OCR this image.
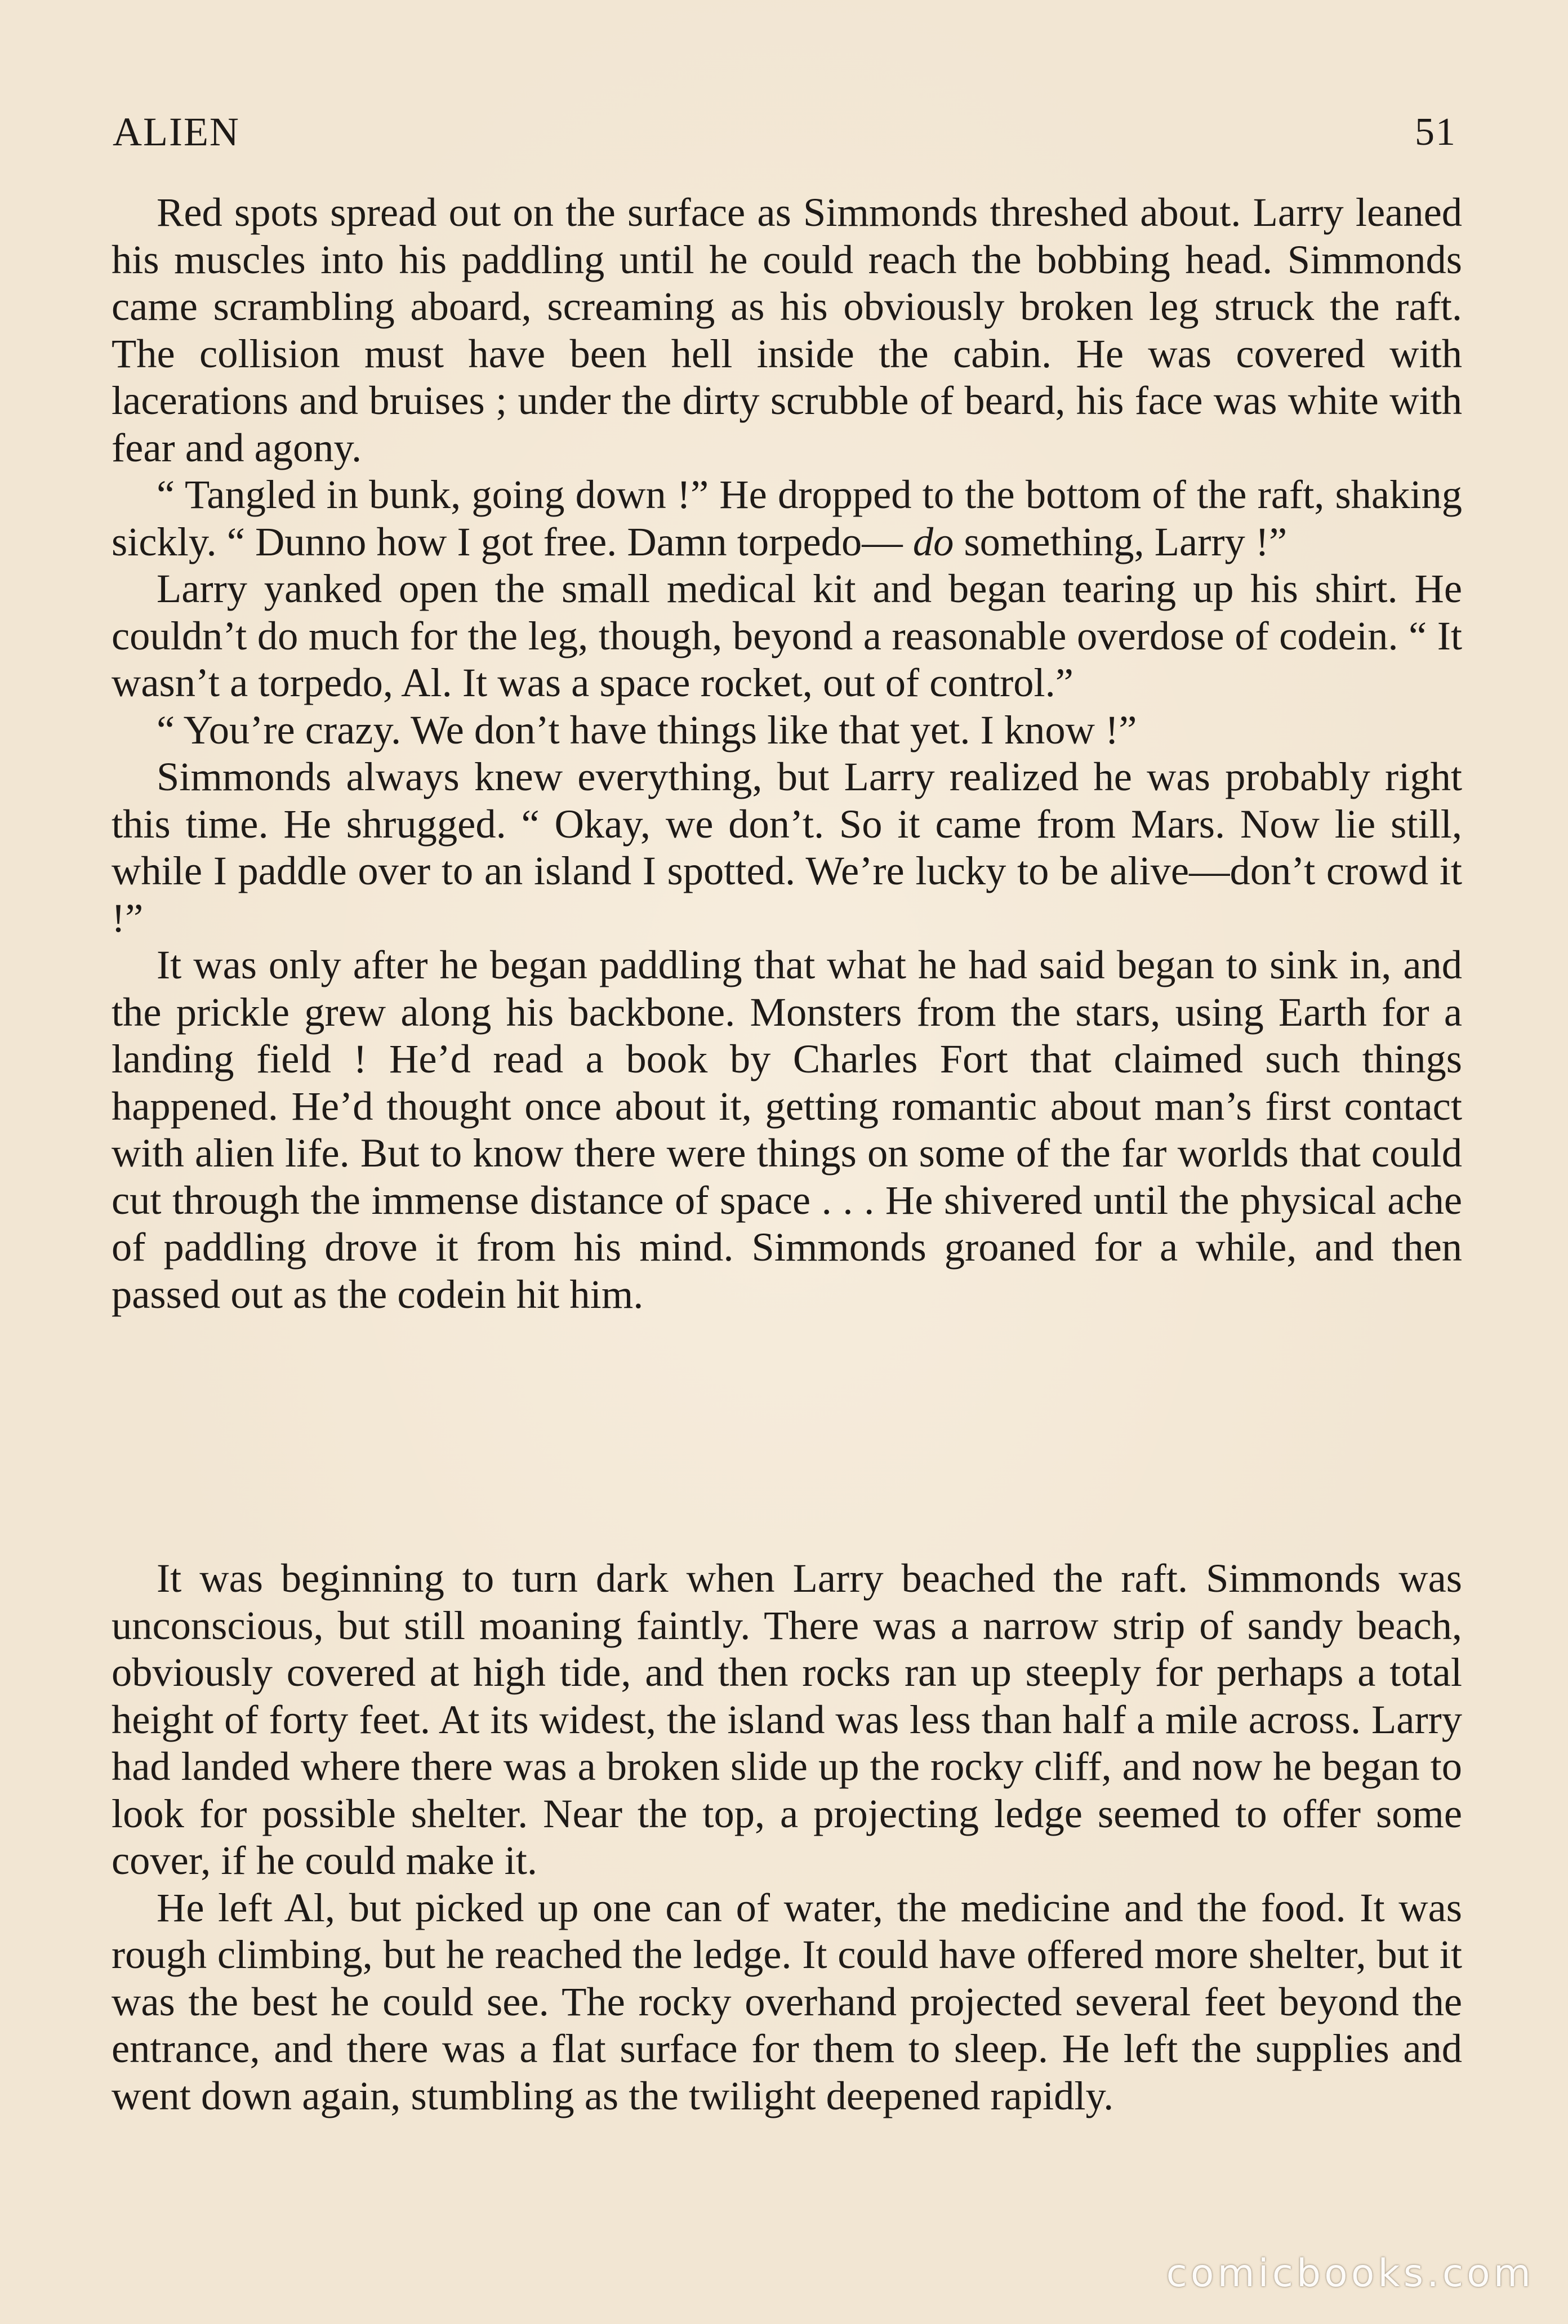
ALIEN	51

Red spots spread out on the surface as Simmonds threshed about. Larry leaned his muscles into his paddling until he could reach the bobbing head. Simmonds came scrambling aboard, screaming as his obviously broken leg struck the raft. The collision must have been hell inside the cabin. He was covered with lacerations and bruises ; under the dirty scrubble of beard, his face was white with fear and agony.

“ Tangled in bunk, going down !” He dropped to the bottom of the raft, shaking sickly. “ Dunno how I got free. Damn torpedo— do something, Larry !”

Larry yanked open the small medical kit and began tearing up his shirt. He couldn’t do much for the leg, though, beyond a reasonable overdose of codein. “ It wasn’t a torpedo, Al. It was a space rocket, out of control.”

“ You’re crazy. We don’t have things like that yet. I know !”

Simmonds always knew everything, but Larry realized he was probably right this time. He shrugged. “ Okay, we don’t. So it came from Mars. Now lie still, while I paddle over to an island I spotted. We’re lucky to be alive—don’t crowd it !”

It was only after he began paddling that what he had said began to sink in, and the prickle grew along his backbone. Monsters from the stars, using Earth for a landing field ! He’d read a book by Charles Fort that claimed such things happened. He’d thought once about it, getting romantic about man’s first contact with alien life. But to know there were things on some of the far worlds that could cut through the immense distance of space . . . He shivered until the physical ache of paddling drove it from his mind. Simmonds groaned for a while, and then passed out as the codein hit him.

It was beginning to turn dark when Larry beached the raft. Simmonds was unconscious, but still moaning faintly. There was a narrow strip of sandy beach, obviously covered at high tide, and then rocks ran up steeply for perhaps a total height of forty feet. At its widest, the island was less than half a mile across. Larry had landed where there was a broken slide up the rocky cliff, and now he began to look for possible shelter. Near the top, a projecting ledge seemed to offer some cover, if he could make it.

He left Al, but picked up one can of water, the medicine and the food. It was rough climbing, but he reached the ledge. It could have offered more shelter, but it was the best he could see. The rocky overhand projected several feet beyond the entrance, and there was a flat surface for them to sleep. He left the supplies and went down again, stumbling as the twilight deepened rapidly.

comicbooks.com
